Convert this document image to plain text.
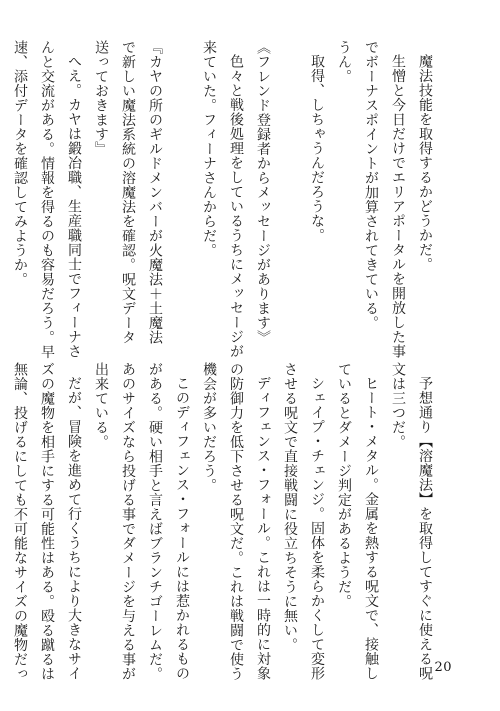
魔法技能を取得するかどうかだ。
生憎と今日だけでエリアポータルを開放した事
でボーナスポイントが加算されてきている。
うん。
取得、しちゃうんだろうな。

《フレンド登録者からメッセージがあります》
色々と戦後処理をしているうちにメッセージが
来ていた。フィーナさんからだ。

『カヤの所のギルドメンバーが火魔法＋土魔法
で新しい魔法系統の溶魔法を確認。呪文データ
送っておきます』
へえ。カヤは鍛冶職、生産職同士でフィーナさ
んと交流がある。情報を得るのも容易だろう。早
速、添付データを確認してみようか。
予想通り【溶魔法】を取得してすぐに使える呪
文は三つだ。
ヒート・メタル。金属を熱する呪文で、接触し
ているとダメージ判定があるようだ。
シェイプ・チェンジ。固体を柔らかくして変形
させる呪文で直接戦闘に役立ちそうに無い。
ディフェンス・フォール。これは一時的に対象
の防御力を低下させる呪文だ。これは戦闘で使う
機会が多いだろう。
このディフェンス・フォールには惹かれるもの
がある。硬い相手と言えばブランチゴーレムだ。
あのサイズなら投げる事でダメージを与える事が
出来ている。
だが、冒険を進めて行くうちにより大きなサイ
ズの魔物を相手にする可能性はある。殴る蹴るは
無論、投げるにしても不可能なサイズの魔物だっ	20
